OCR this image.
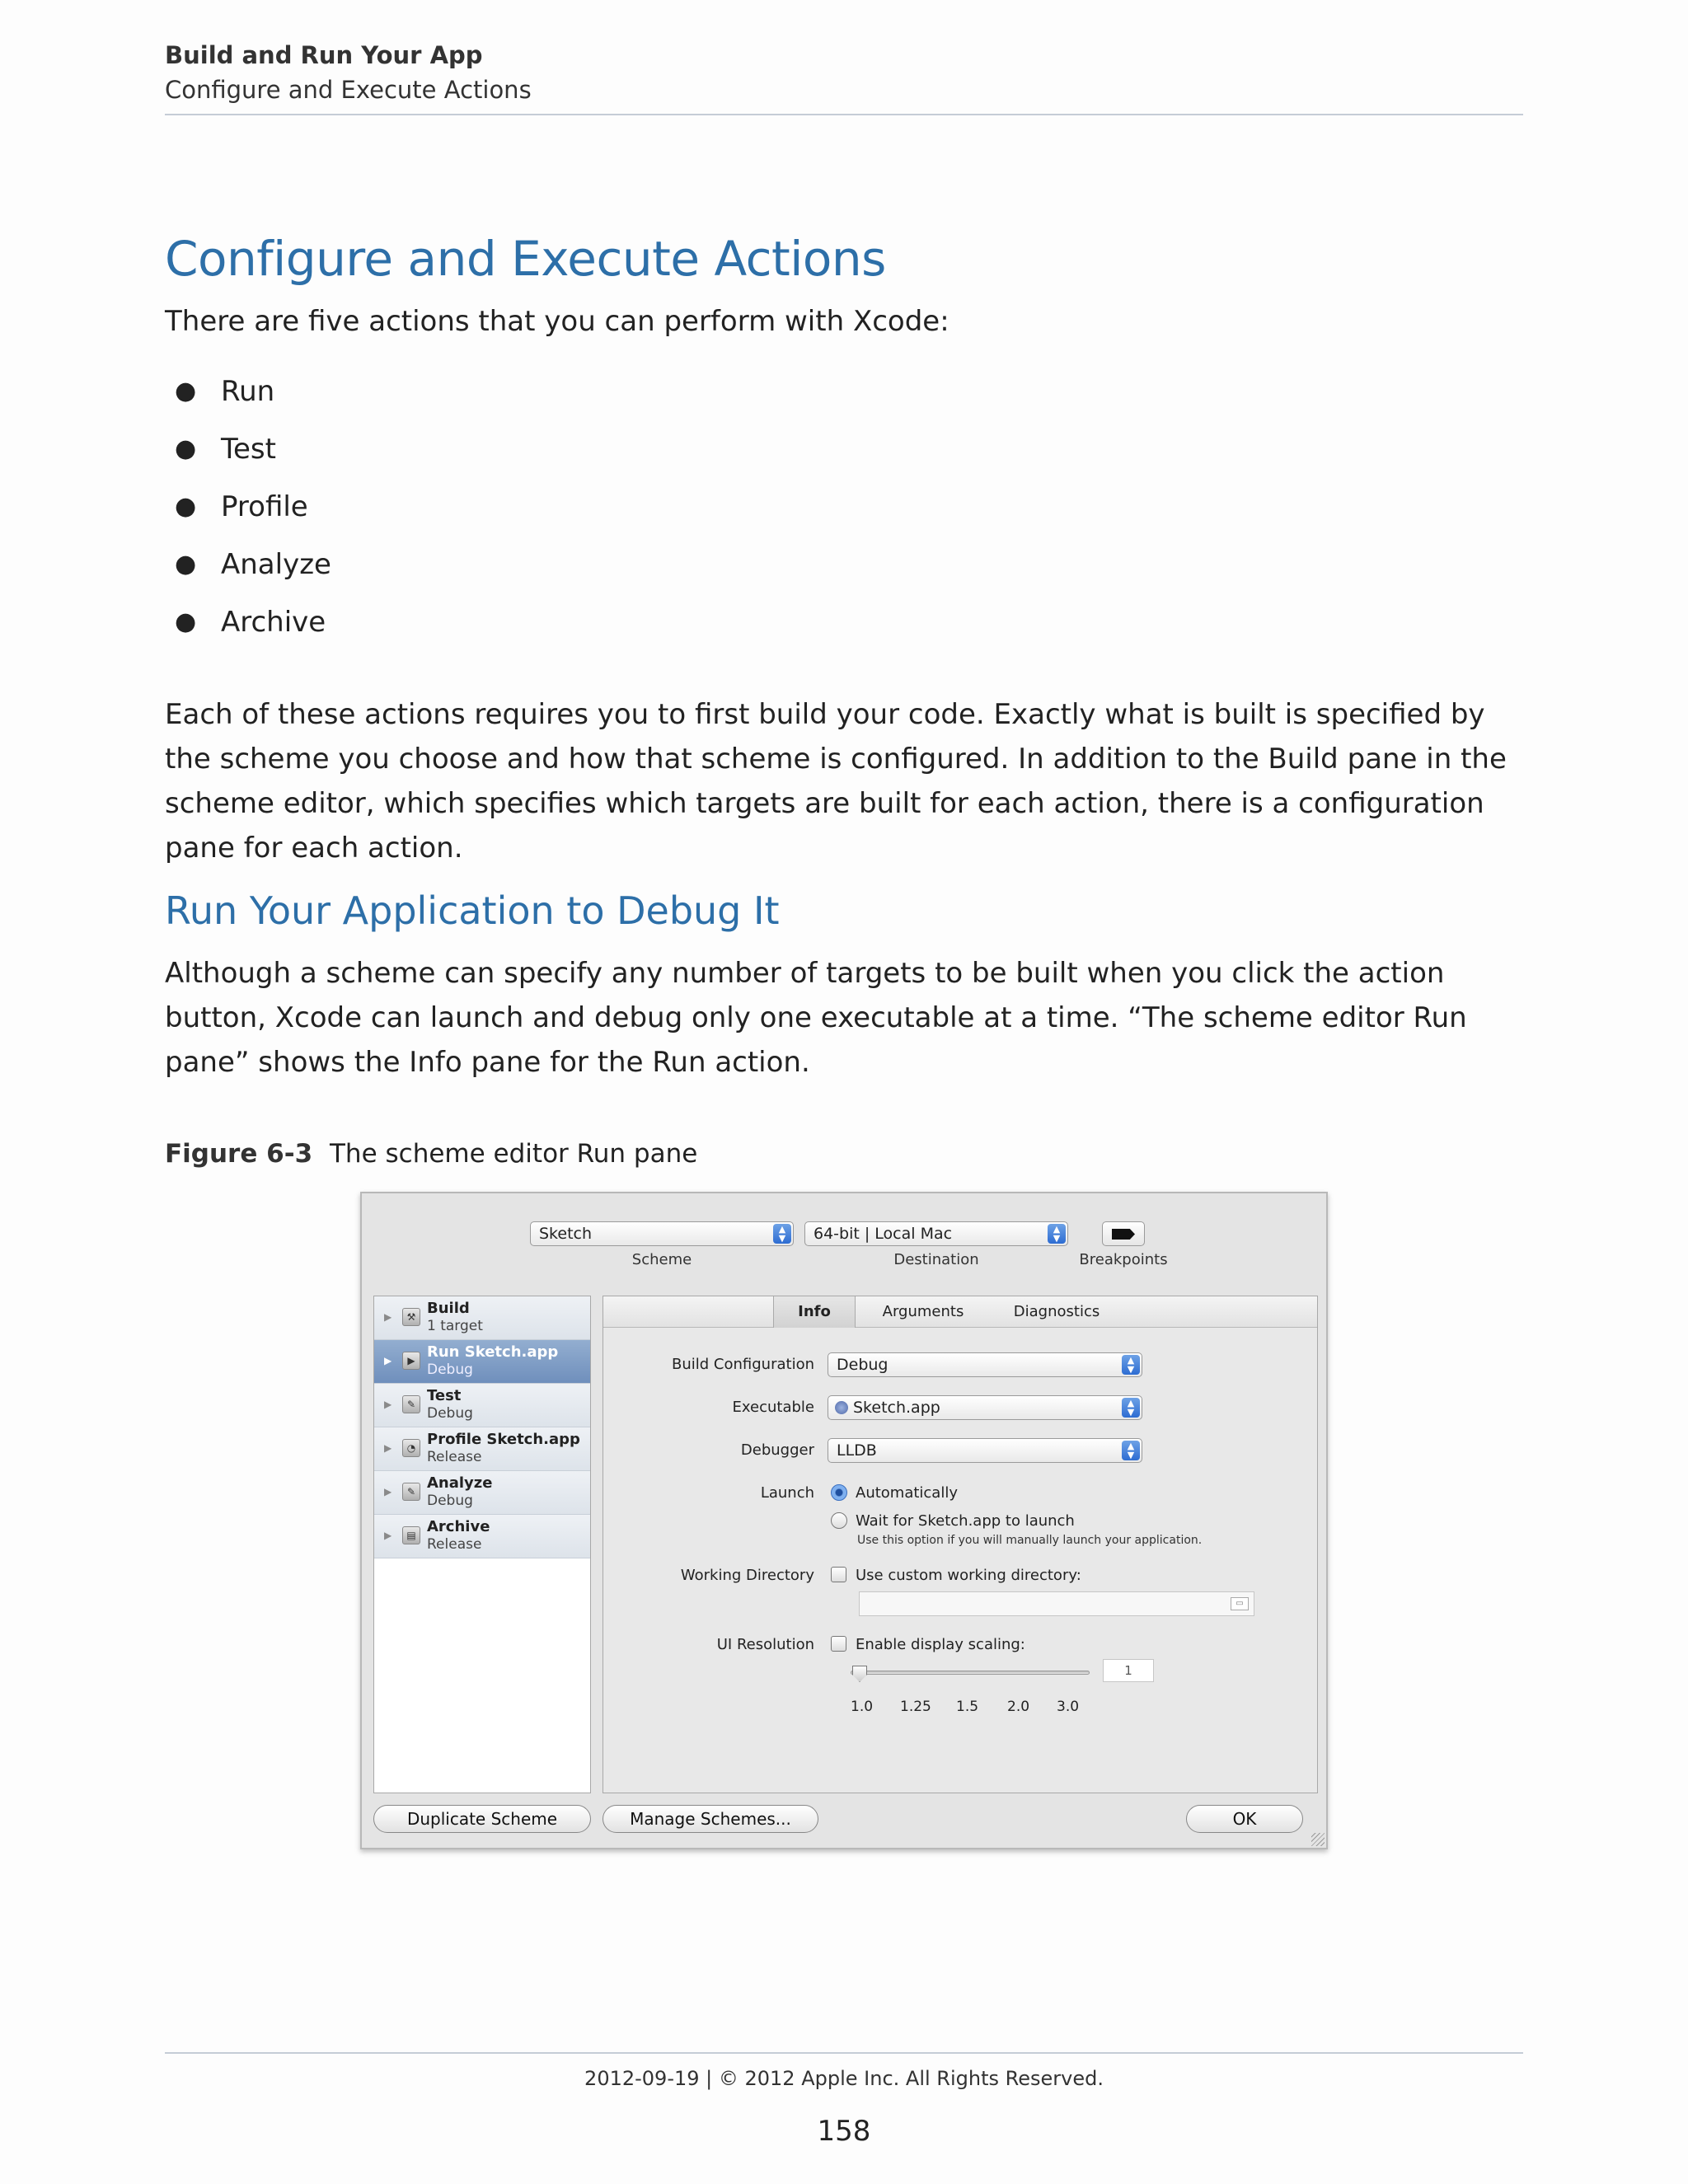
Build and Run Your App
Configure and Execute Actions
Configure and Execute Actions
There are five actions that you can perform with Xcode:
● Run
● Test
● Profile
● Analyze
● Archive
Each of these actions requires you to first build your code. Exactly what is built is specified by the scheme you choose and how that scheme is configured. In addition to the Build pane in the scheme editor, which specifies which targets are built for each action, there is a configuration pane for each action.
Run Your Application to Debug It
Although a scheme can specify any number of targets to be built when you click the action button, Xcode can launch and debug only one executable at a time. “The scheme editor Run pane” shows the Info pane for the Run action.
Figure 6-3 The scheme editor Run pane
Sketch	▲
▼
Scheme
64-bit | Local Mac	▲
▼
Destination	Breakpoints
▶	⚒ Build
1 target
▶	▶ Run Sketch.app
Debug
▶	✎ Test
Debug
▶	◔ Profile Sketch.app
Release
▶	✎ Analyze
Debug
▶	▤ Archive
Release
Info	Arguments	Diagnostics
Build Configuration	Debug	▲
▼
Executable	Sketch.app	▲
▼
Debugger	LLDB	▲
▼
Launch	Automatically
Wait for Sketch.app to launch
Use this option if you will manually launch your application.
Working Directory	Use custom working directory:
▭
UI Resolution	Enable display scaling:
1
1.0 1.25 1.5 2.0 3.0
Duplicate Scheme	Manage Schemes...	OK
2012-09-19 | © 2012 Apple Inc. All Rights Reserved.
158
